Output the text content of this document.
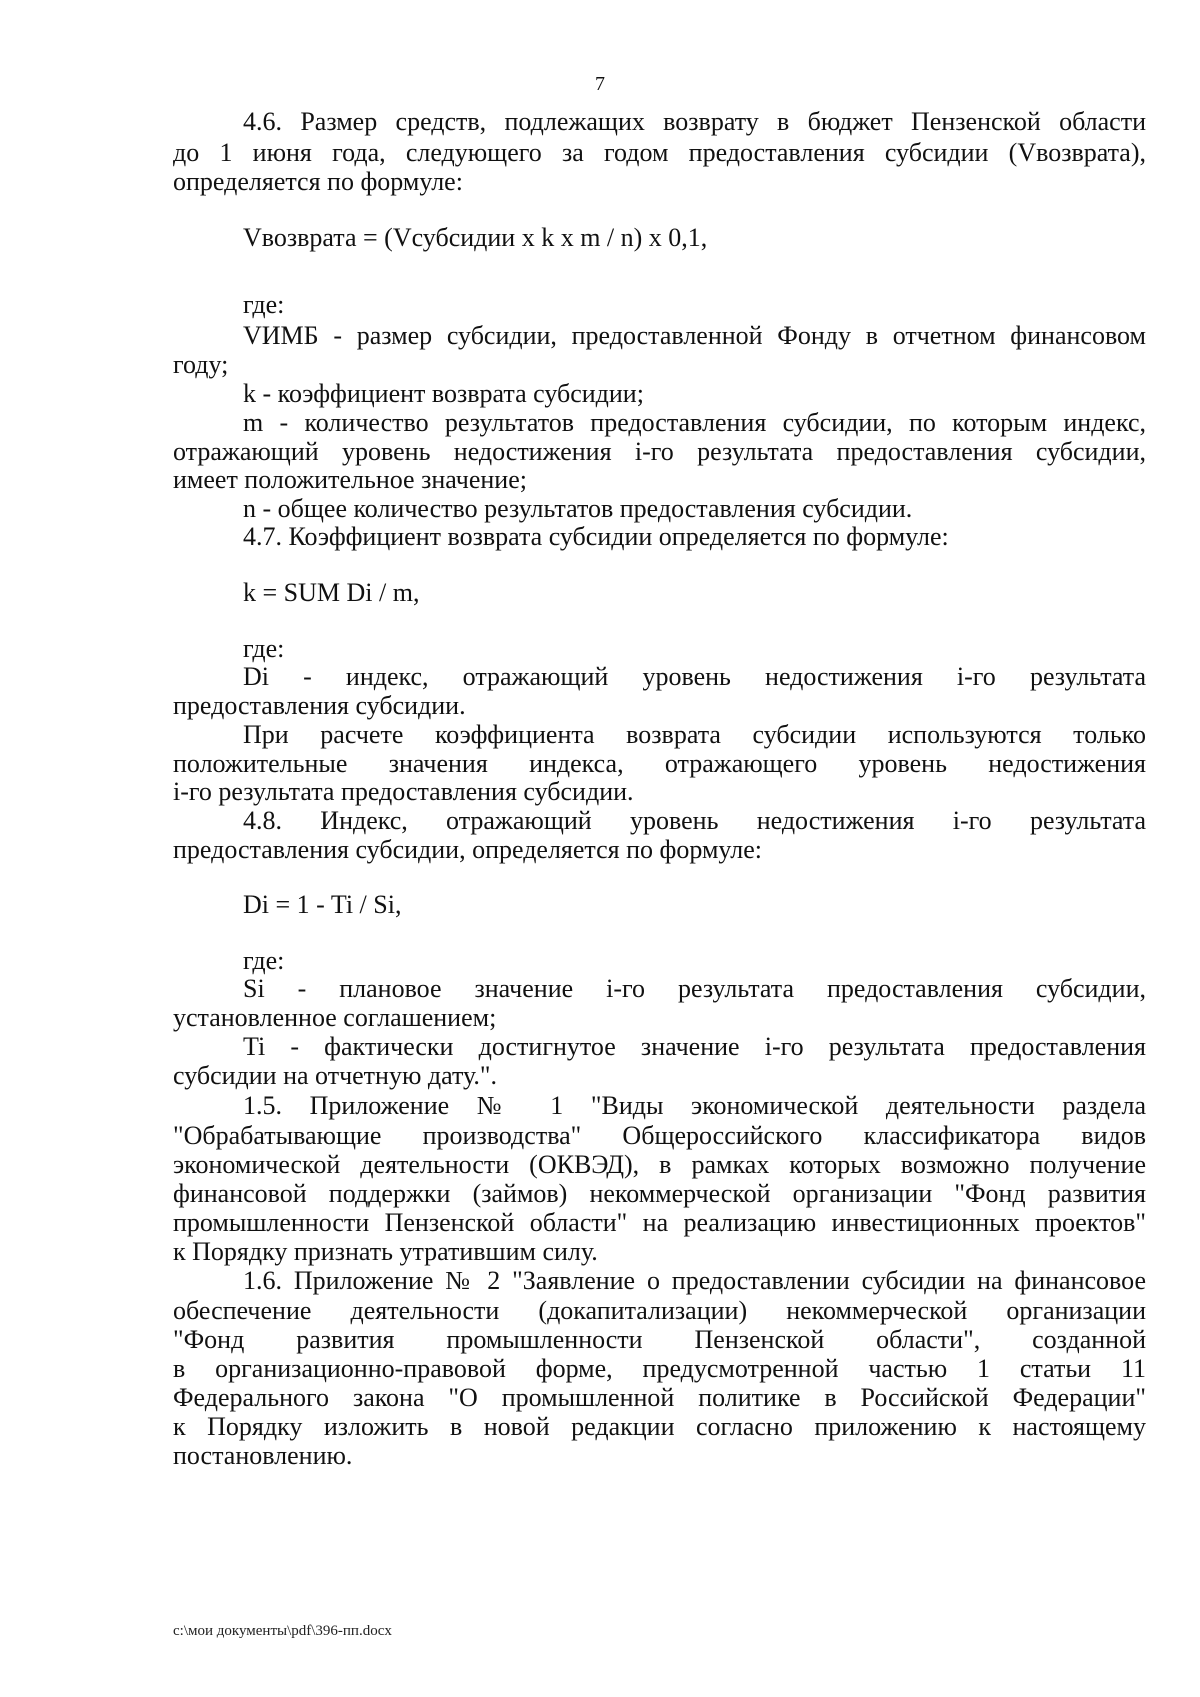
7
4.6. Размер средств, подлежащих возврату в бюджет Пензенской области
до 1 июня года, следующего за годом предоставления субсидии (Vвозврата),
определяется по формуле:
Vвозврата = (Vсубсидии x k x m / n) x 0,1,
где:
VИМБ - размер субсидии, предоставленной Фонду в отчетном финансовом
году;
k - коэффициент возврата субсидии;
m - количество результатов предоставления субсидии, по которым индекс,
отражающий уровень недостижения i-го результата предоставления субсидии,
имеет положительное значение;
n - общее количество результатов предоставления субсидии.
4.7. Коэффициент возврата субсидии определяется по формуле:
k = SUM Di / m,
где:
Di - индекс, отражающий уровень недостижения i-го результата
предоставления субсидии.
При расчете коэффициента возврата субсидии используются только
положительные значения индекса, отражающего уровень недостижения
i-го результата предоставления субсидии.
4.8. Индекс, отражающий уровень недостижения i-го результата
предоставления субсидии, определяется по формуле:
Di = 1 - Ti / Si,
где:
Si - плановое значение i-го результата предоставления субсидии,
установленное соглашением;
Ti - фактически достигнутое значение i-го результата предоставления
субсидии на отчетную дату.".
1.5. Приложение № 1 "Виды экономической деятельности раздела
"Обрабатывающие производства" Общероссийского классификатора видов
экономической деятельности (ОКВЭД), в рамках которых возможно получение
финансовой поддержки (займов) некоммерческой организации "Фонд развития
промышленности Пензенской области" на реализацию инвестиционных проектов"
к Порядку признать утратившим силу.
1.6. Приложение № 2 "Заявление о предоставлении субсидии на финансовое
обеспечение деятельности (докапитализации) некоммерческой организации
"Фонд развития промышленности Пензенской области", созданной
в организационно-правовой форме, предусмотренной частью 1 статьи 11
Федерального закона "О промышленной политике в Российской Федерации"
к Порядку изложить в новой редакции согласно приложению к настоящему
постановлению.
c:\мои документы\pdf\396-пп.docx
